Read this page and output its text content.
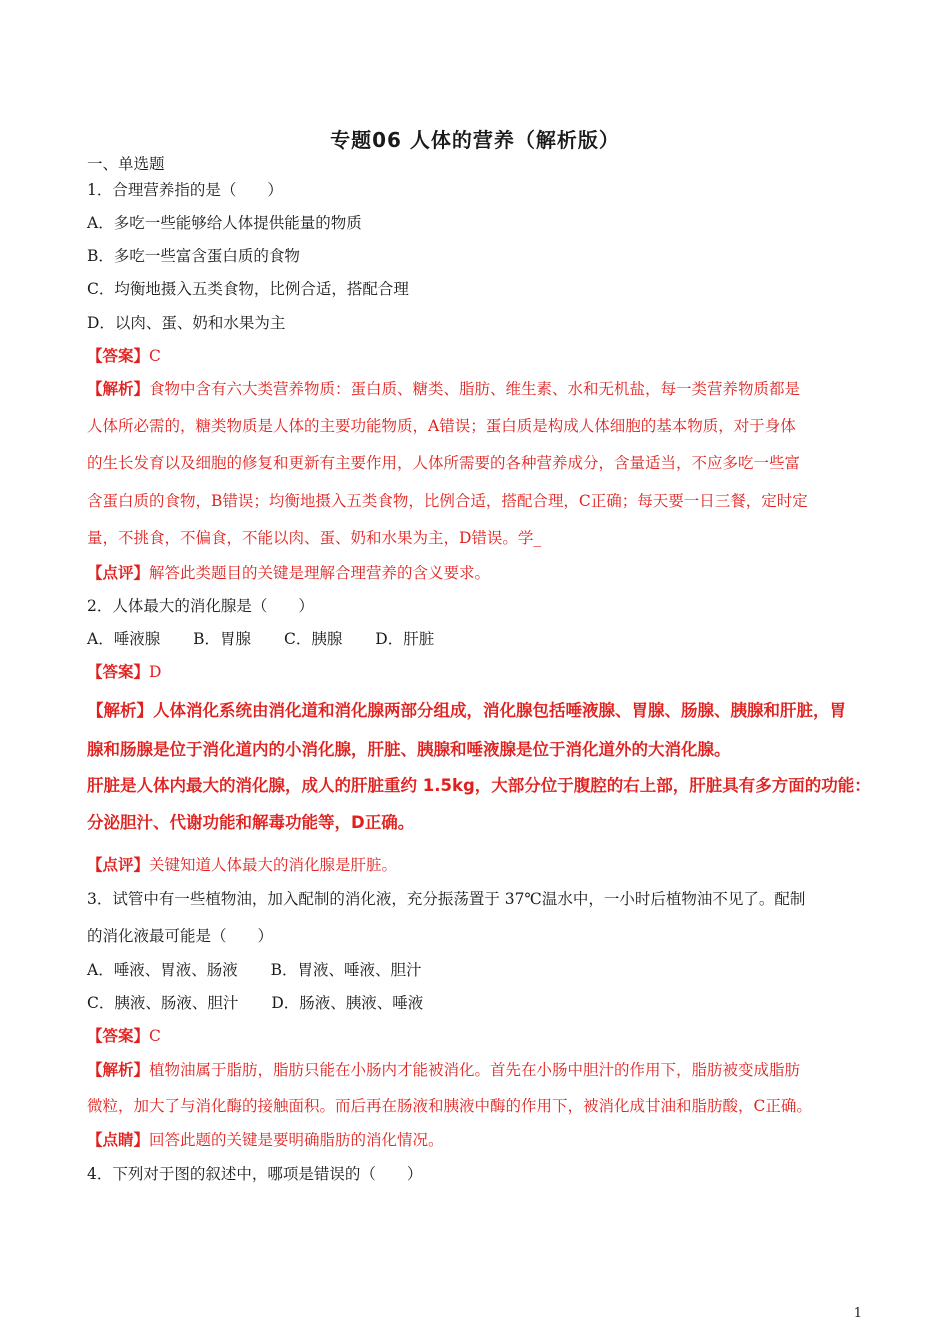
专题06 人体的营养（解析版）
一、单选题
1．合理营养指的是（　　）
A．多吃一些能够给人体提供能量的物质
B．多吃一些富含蛋白质的食物
C．均衡地摄入五类食物，比例合适，搭配合理
D．以肉、蛋、奶和水果为主
【答案】C
【解析】食物中含有六大类营养物质：蛋白质、糖类、脂肪、维生素、水和无机盐，每一类营养物质都是
人体所必需的，糖类物质是人体的主要功能物质，A错误；蛋白质是构成人体细胞的基本物质，对于身体
的生长发育以及细胞的修复和更新有主要作用，人体所需要的各种营养成分，含量适当，不应多吃一些富
含蛋白质的食物，B错误；均衡地摄入五类食物，比例合适，搭配合理，C正确；每天要一日三餐，定时定
量，不挑食，不偏食，不能以肉、蛋、奶和水果为主，D错误。学_
【点评】解答此类题目的关键是理解合理营养的含义要求。
2．人体最大的消化腺是（　　）
A．唾液腺 B．胃腺 C．胰腺 D．肝脏
【答案】D
【解析】人体消化系统由消化道和消化腺两部分组成，消化腺包括唾液腺、胃腺、肠腺、胰腺和肝脏，胃
腺和肠腺是位于消化道内的小消化腺，肝脏、胰腺和唾液腺是位于消化道外的大消化腺。
肝脏是人体内最大的消化腺，成人的肝脏重约 1.5kg，大部分位于腹腔的右上部，肝脏具有多方面的功能：
分泌胆汁、代谢功能和解毒功能等，D正确。
【点评】关键知道人体最大的消化腺是肝脏。
3．试管中有一些植物油，加入配制的消化液，充分振荡置于 37℃温水中，一小时后植物油不见了。配制
的消化液最可能是（　　）
A．唾液、胃液、肠液 B．胃液、唾液、胆汁
C．胰液、肠液、胆汁 D．肠液、胰液、唾液
【答案】C
【解析】植物油属于脂肪，脂肪只能在小肠内才能被消化。首先在小肠中胆汁的作用下，脂肪被变成脂肪
微粒，加大了与消化酶的接触面积。而后再在肠液和胰液中酶的作用下，被消化成甘油和脂肪酸，C正确。
【点睛】回答此题的关键是要明确脂肪的消化情况。
4．下列对于图的叙述中，哪项是错误的（　　）
1
